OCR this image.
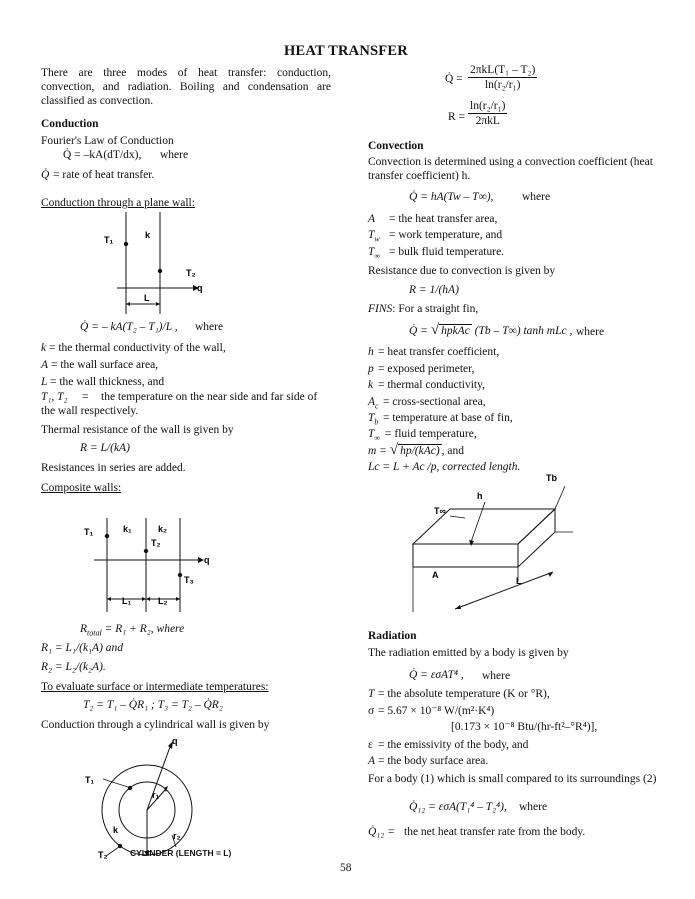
HEAT TRANSFER
There are three modes of heat transfer: conduction, convection, and radiation. Boiling and condensation are classified as convection.
Conduction
Fourier's Law of Conduction
Q̇ = –kA(dT/dx), where
Q̇ = rate of heat transfer.
Conduction through a plane wall:
T₁	k
T₂
L
q
Q̇ = – kA(T₂ – T₁)/L , where
k = the thermal conductivity of the wall,
A = the wall surface area,
L = the wall thickness, and
T₁, T₂ =	the temperature on the near side and far side of the wall respectively.
Thermal resistance of the wall is given by
R = L/(kA)
Resistances in series are added.
Composite walls:
T₁	k₁	k₂
T₂
T₃
L₁	L₂
q
$R_{total} = R_1 + R_2$, where
R₁ = L₁/(k₁A) and
R₂ = L₂/(k₂A).
To evaluate surface or intermediate temperatures:
T₂ = T₁ – Q̇R₁ ; T₃ = T₂ – Q̇R₂
Conduction through a cylindrical wall is given by
q
T₁
r₁
k
r₂
T₂	CYLINDER (LENGTH = L)
58
Q̇ =
2πkL(T₁ – T₂)
ln(r₂/r₁)
R =
ln(r₂/r₁)
2πkL
Convection
Convection is determined using a convection coefficient (heat transfer coefficient) h.
Q̇ = hA(Tw – T∞), where
A = the heat transfer area,
$T_w$ = work temperature, and
$T_\infty$ = bulk fluid temperature.
Resistance due to convection is given by
R = 1/(hA)
FINS: For a straight fin,
Q̇ = √ hpkAc (Tb – T∞) tanh mLc , where
h = heat transfer coefficient,
p = exposed perimeter,
k = thermal conductivity,
$A_c$ = cross-sectional area,
$T_b$ = temperature at base of fin,
$T_\infty$ = fluid temperature,
m = √ hp/(kAc) , and
Lc = L + Ac /p, corrected length.
Tb
h
T∞
A
L
Radiation
The radiation emitted by a body is given by
Q̇ = εσAT⁴ , where
T = the absolute temperature (K or °R),
σ = 5.67 × 10⁻⁸ W/(m²·K⁴)
[0.173 × 10⁻⁸ Btu/(hr-ft²–°R⁴)],
ε = the emissivity of the body, and
A = the body surface area.
For a body (1) which is small compared to its surroundings (2)
Q̇₁₂ = εσA(T₁⁴ – T₂⁴), where
Q̇₁₂ = the net heat transfer rate from the body.
